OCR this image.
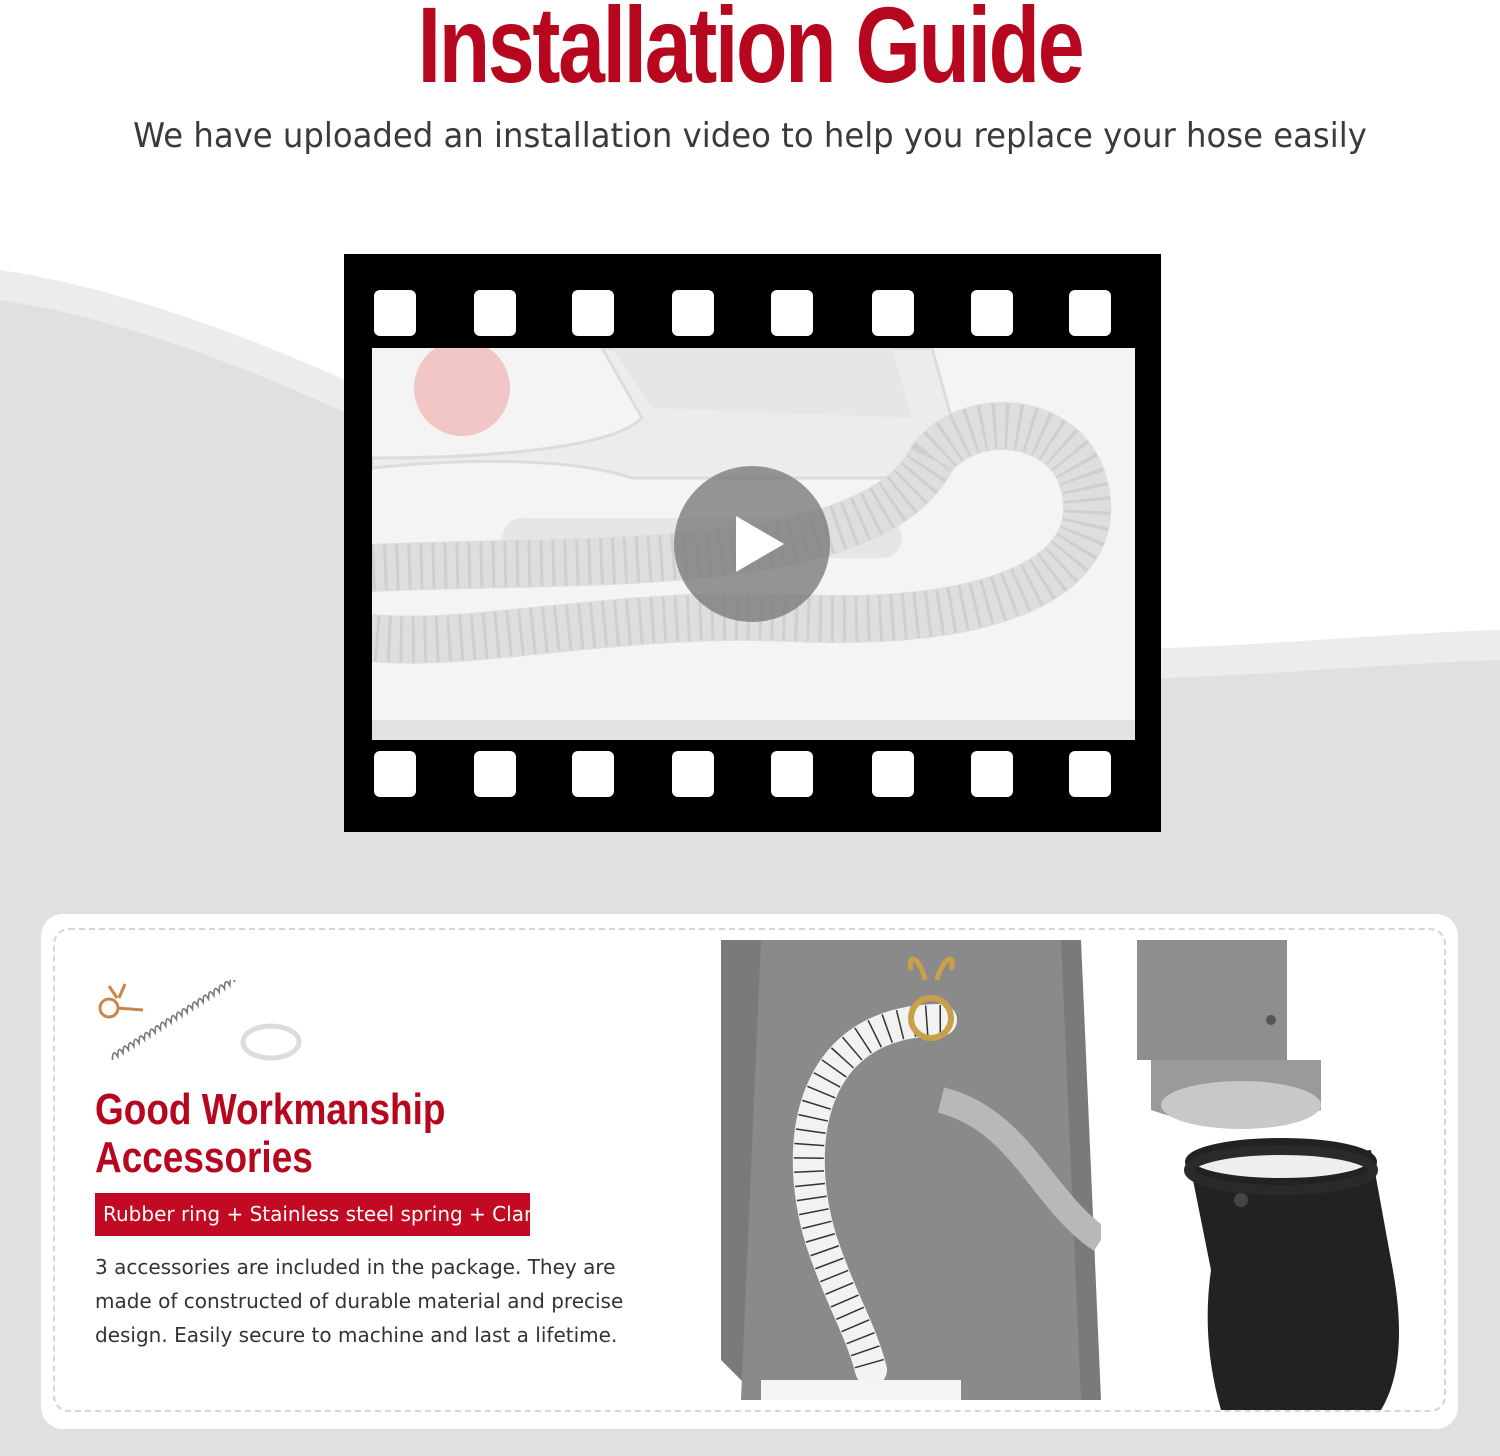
Installation Guide

We have uploaded an installation video to help you replace your hose easily

Good Workmanship
Accessories
Rubber ring + Stainless steel spring + Clamp

3 accessories are included in the package. They are made of constructed of durable material and precise design. Easily secure to machine and last a lifetime.
